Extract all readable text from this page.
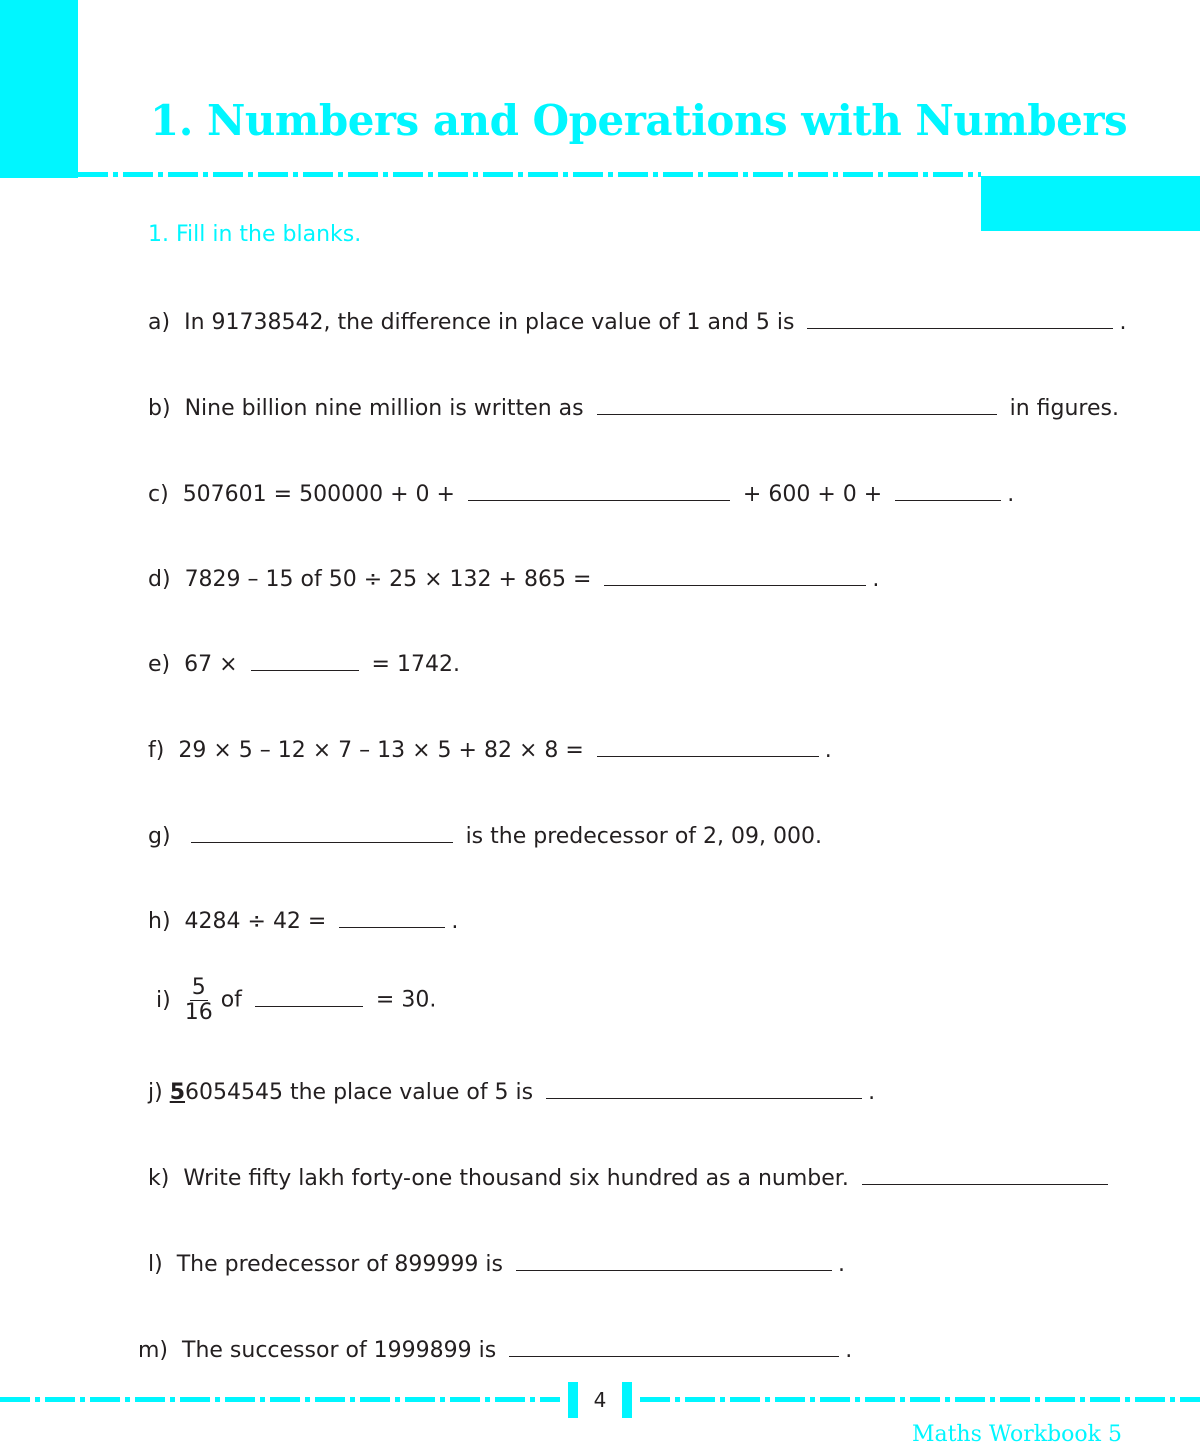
1. Numbers and Operations with Numbers
1. Fill in the blanks.
a) In 91738542, the difference in place value of 1 and 5 is	.
b) Nine billion nine million is written as	in figures.
c) 507601 = 500000 + 0 +	+ 600 + 0 +	.
d) 7829 – 15 of 50 ÷ 25 × 132 + 865 =	.
e) 67 ×	= 1742.
f) 29 × 5 – 12 × 7 – 13 × 5 + 82 × 8 =	.
g)	is the predecessor of 2, 09, 000.
h) 4284 ÷ 42 =	.
$i) \frac{5}{16}$ of	= 30.
j) 56054545 the place value of 5 is	.
k) Write fifty lakh forty-one thousand six hundred as a number.
l) The predecessor of 899999 is	.
m) The successor of 1999899 is	.
4
Maths Workbook 5
